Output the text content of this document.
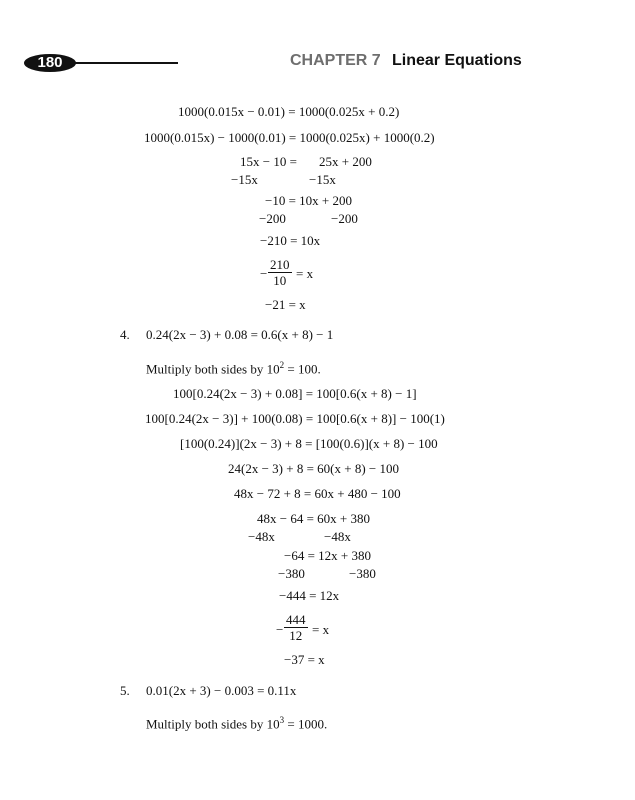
180	CHAPTER 7 Linear Equations
1000(0.015x − 0.01) = 1000(0.025x + 0.2)
1000(0.015x) − 1000(0.01) = 1000(0.025x) + 1000(0.2)
15x − 10 = 25x + 200
−15x	−15x
−10 = 10x + 200
−200	−200
−210 = 10x
− $\frac{210}{10} = x$
−21 = x
4. 0.24(2x − 3) + 0.08 = 0.6(x + 8) − 1
Multiply both sides by $10^2 = 100$.
100[0.24(2x − 3) + 0.08] = 100[0.6(x + 8) − 1]
100[0.24(2x − 3)] + 100(0.08) = 100[0.6(x + 8)] − 100(1)
[100(0.24)](2x − 3) + 8 = [100(0.6)](x + 8) − 100
24(2x − 3) + 8 = 60(x + 8) − 100
48x − 72 + 8 = 60x + 480 − 100
48x − 64 = 60x + 380
−48x	−48x
−64 = 12x + 380
−380	−380
−444 = 12x
− $\frac{444}{12} = x$
−37 = x
5. 0.01(2x + 3) − 0.003 = 0.11x
Multiply both sides by $10^3 = 1000$.
